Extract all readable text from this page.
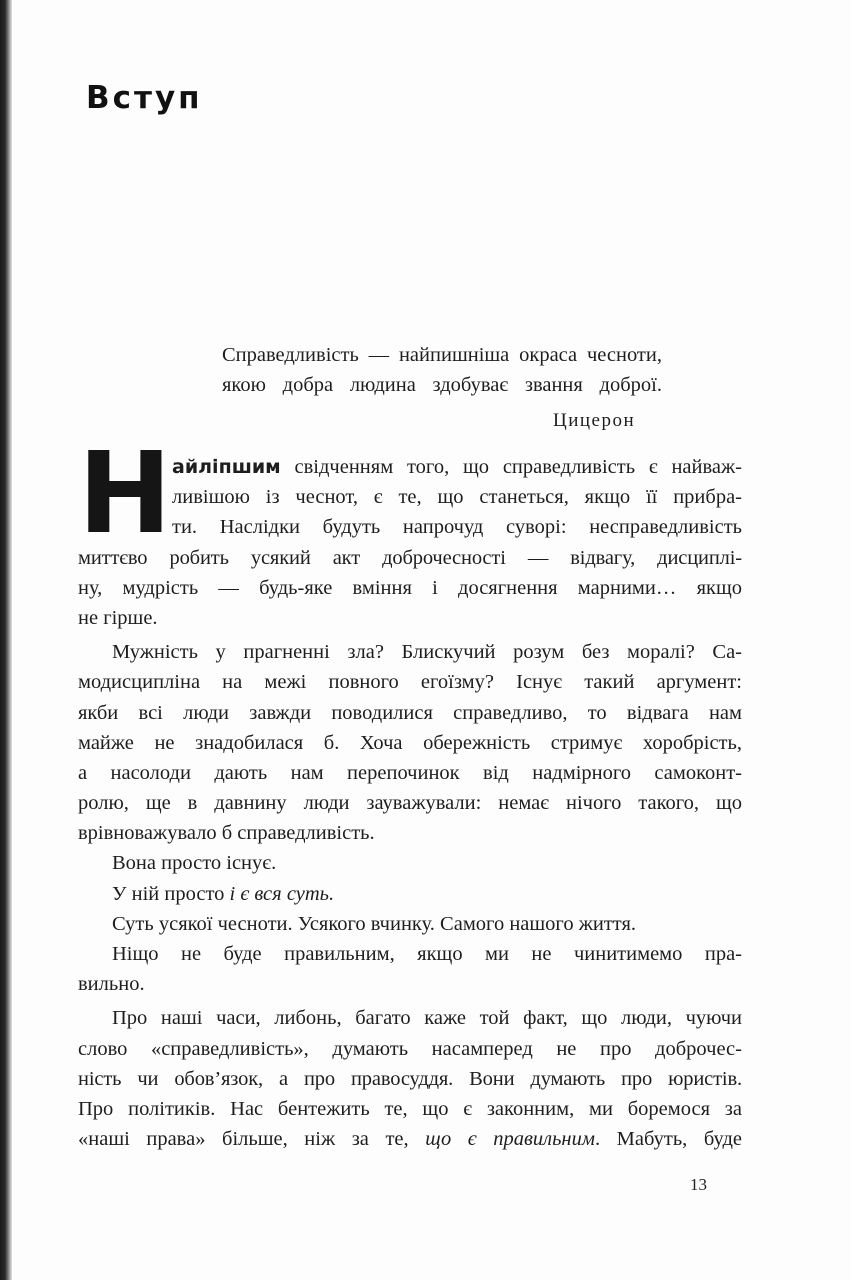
Вступ
Справедливість — найпишніша окраса чесноти,
якою добра людина здобуває звання доброї.
Цицерон
Н айліпшим свідченням того, що справедливість є найваж-
ливішою із чеснот, є те, що станеться, якщо її прибра-
ти. Наслідки будуть напрочуд суворі: несправедливість
миттєво робить усякий акт доброчесності — відвагу, дисциплі-
ну, мудрість — будь-яке вміння і досягнення марними… якщо
не гірше.
Мужність у прагненні зла? Блискучий розум без моралі? Са-
модисципліна на межі повного егоїзму? Існує такий аргумент:
якби всі люди завжди поводилися справедливо, то відвага нам
майже не знадобилася б. Хоча обережність стримує хоробрість,
а насолоди дають нам перепочинок від надмірного самоконт-
ролю, ще в давнину люди зауважували: немає нічого такого, що
врівноважувало б справедливість.
Вона просто існує.
У ній просто і є вся суть.
Суть усякої чесноти. Усякого вчинку. Самого нашого життя.
Ніщо не буде правильним, якщо ми не чинитимемо пра-
вильно.
Про наші часи, либонь, багато каже той факт, що люди, чуючи
слово «справедливість», думають насамперед не про доброчес-
ність чи обов’язок, а про правосуддя. Вони думають про юристів.
Про політиків. Нас бентежить те, що є законним, ми боремося за
«наші права» більше, ніж за те, що є правильним. Мабуть, буде
13
